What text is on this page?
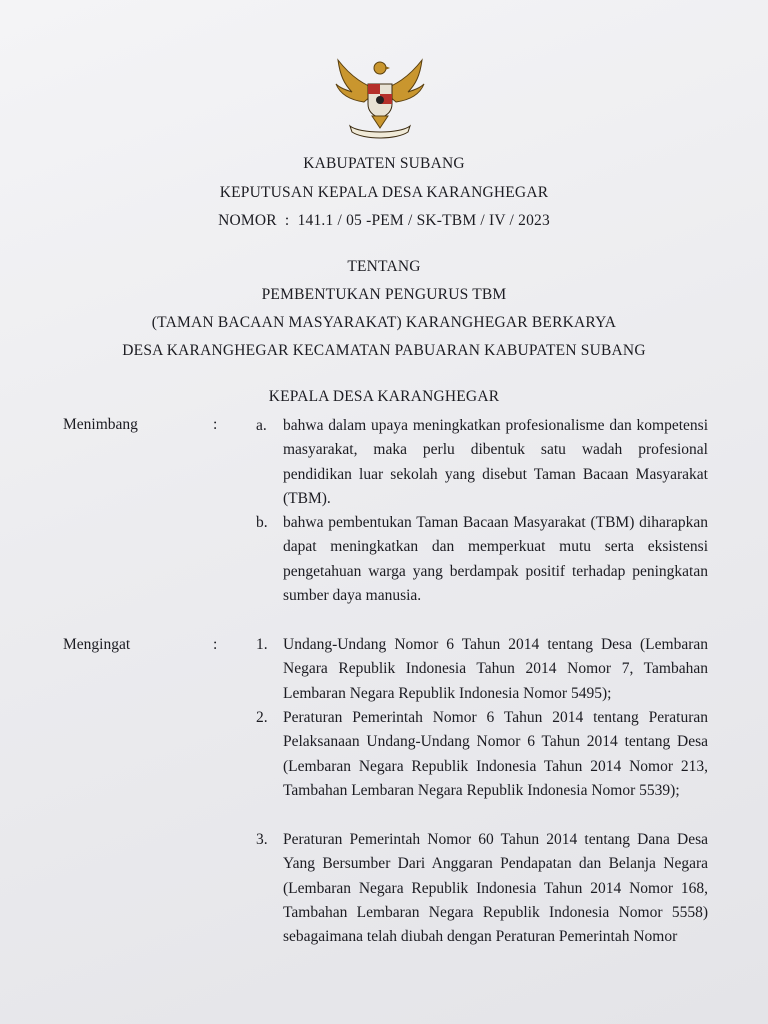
KABUPATEN SUBANG
KEPUTUSAN KEPALA DESA KARANGHEGAR
NOMOR  :  141.1 / 05 -PEM / SK-TBM / IV / 2023
TENTANG
PEMBENTUKAN PENGURUS TBM
(TAMAN BACAAN MASYARAKAT) KARANGHEGAR BERKARYA
DESA KARANGHEGAR KECAMATAN PABUARAN KABUPATEN SUBANG
KEPALA DESA KARANGHEGAR
Menimbang	: a. bahwa dalam upaya meningkatkan profesionalisme dan kompetensi masyarakat, maka perlu dibentuk satu wadah profesional pendidikan luar sekolah yang disebut Taman Bacaan Masyarakat (TBM).
b. bahwa pembentukan Taman Bacaan Masyarakat (TBM) diharapkan dapat meningkatkan dan memperkuat mutu serta eksistensi pengetahuan warga yang berdampak positif terhadap peningkatan sumber daya manusia.
Mengingat	: 1. Undang-Undang Nomor 6 Tahun 2014 tentang Desa (Lembaran Negara Republik Indonesia Tahun 2014 Nomor 7, Tambahan Lembaran Negara Republik Indonesia Nomor 5495);
2. Peraturan Pemerintah Nomor 6 Tahun 2014 tentang Peraturan Pelaksanaan Undang-Undang Nomor 6 Tahun 2014 tentang Desa (Lembaran Negara Republik Indonesia Tahun 2014 Nomor 213, Tambahan Lembaran Negara Republik Indonesia Nomor 5539);
3. Peraturan Pemerintah Nomor 60 Tahun 2014 tentang Dana Desa Yang Bersumber Dari Anggaran Pendapatan dan Belanja Negara (Lembaran Negara Republik Indonesia Tahun 2014 Nomor 168, Tambahan Lembaran Negara Republik Indonesia Nomor 5558) sebagaimana telah diubah dengan Peraturan Pemerintah Nomor
